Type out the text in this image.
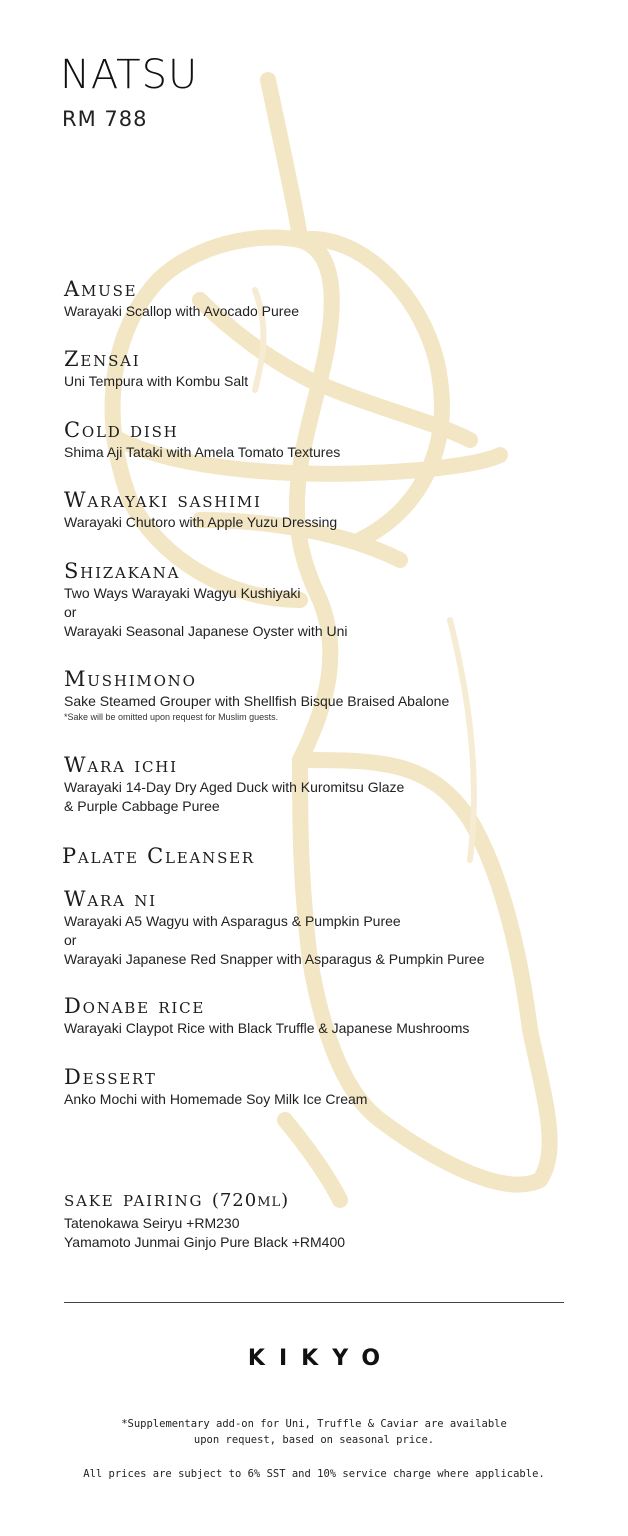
NATSU
RM 788
Amuse
Warayaki Scallop with Avocado Puree
Zensai
Uni Tempura with Kombu Salt
Cold dish
Shima Aji Tataki with Amela Tomato Textures
Warayaki sashimi
Warayaki Chutoro with Apple Yuzu Dressing
Shizakana
Two Ways Warayaki Wagyu Kushiyaki
or
Warayaki Seasonal Japanese Oyster with Uni
Mushimono
Sake Steamed Grouper with Shellfish Bisque Braised Abalone
*Sake will be omitted upon request for Muslim guests.
Wara ichi
Warayaki 14-Day Dry Aged Duck with Kuromitsu Glaze
& Purple Cabbage Puree
Palate Cleanser
Wara ni
Warayaki A5 Wagyu with Asparagus & Pumpkin Puree
or
Warayaki Japanese Red Snapper with Asparagus & Pumpkin Puree
Donabe rice
Warayaki Claypot Rice with Black Truffle & Japanese Mushrooms
Dessert
Anko Mochi with Homemade Soy Milk Ice Cream
sake pairing (720ml)
Tatenokawa Seiryu +RM230
Yamamoto Junmai Ginjo Pure Black +RM400
KIKYO
*Supplementary add-on for Uni, Truffle & Caviar are available
upon request, based on seasonal price.
All prices are subject to 6% SST and 10% service charge where applicable.
